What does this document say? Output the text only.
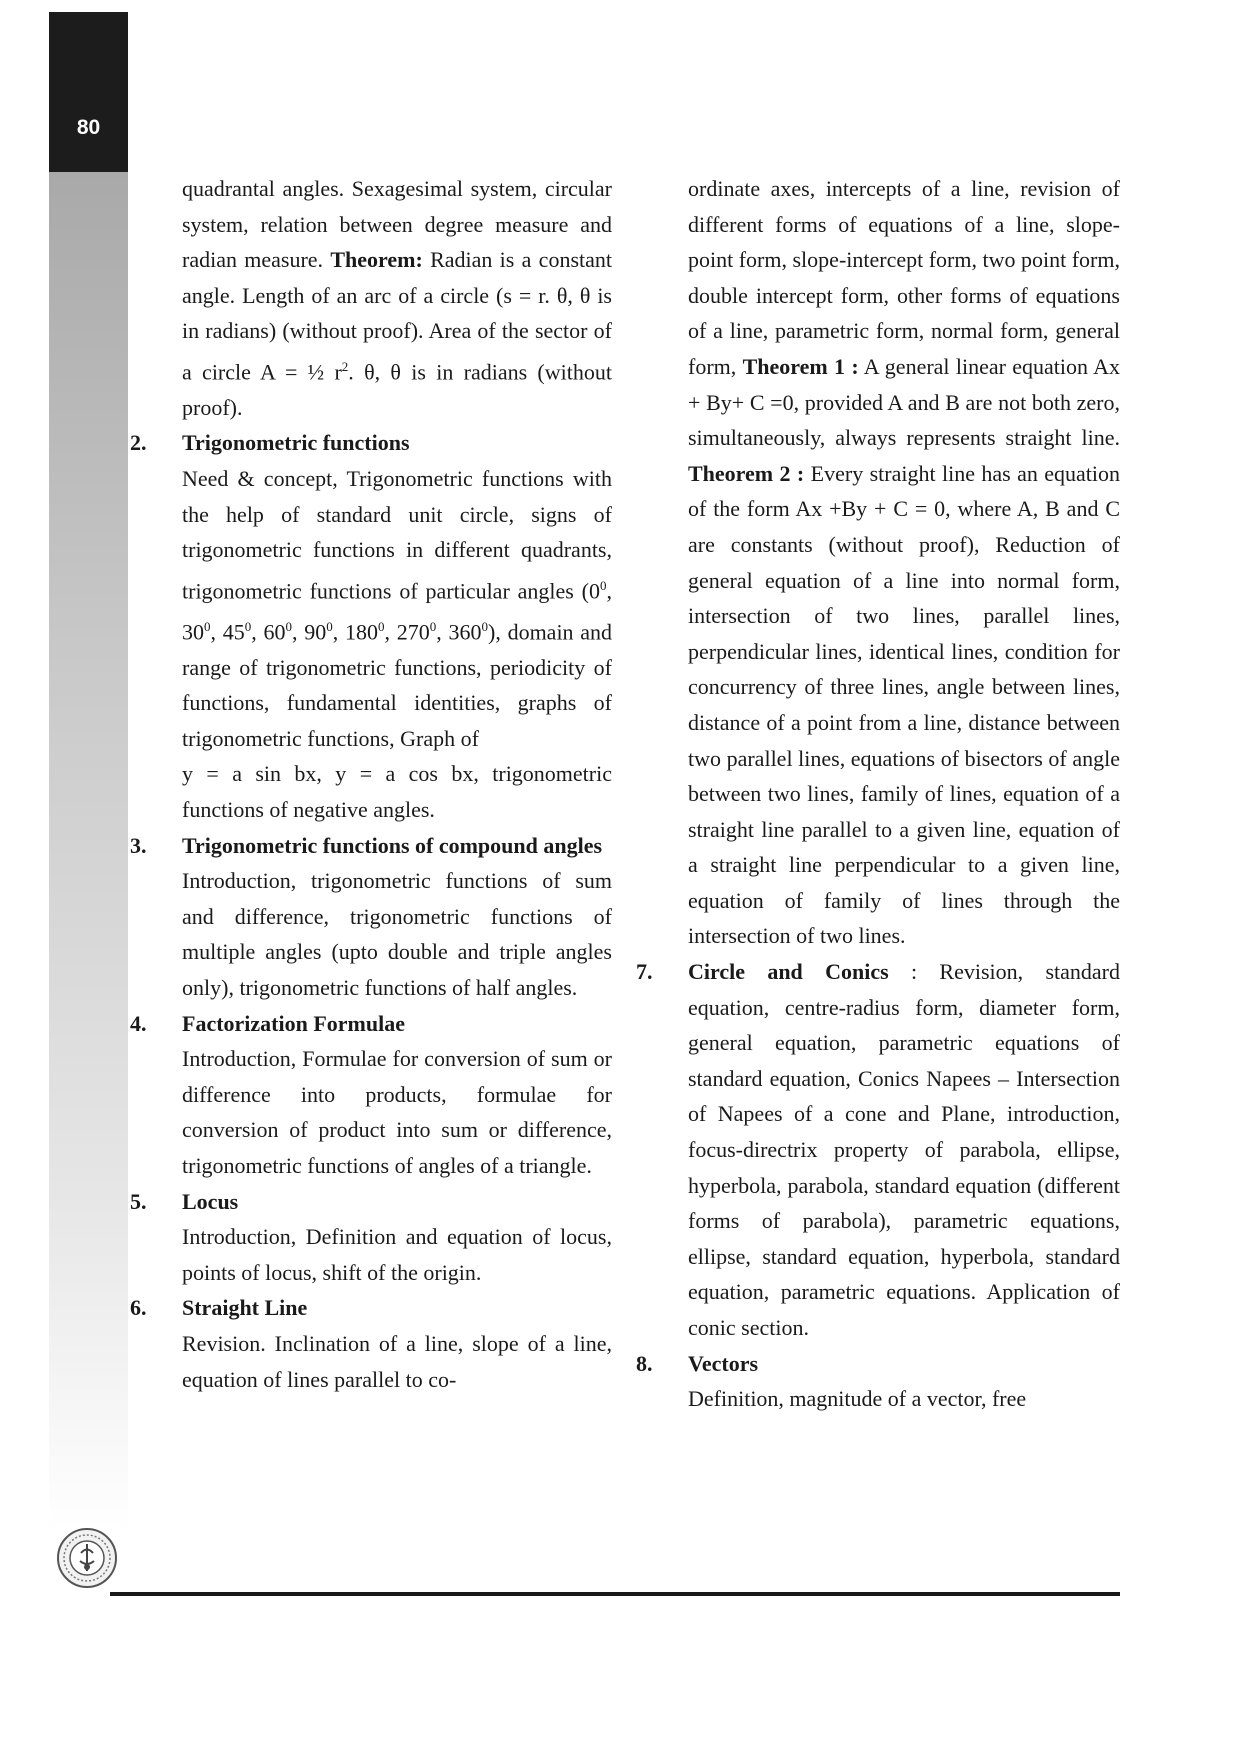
80
quadrantal angles. Sexagesimal system, circular system, relation between degree measure and radian measure. Theorem: Radian is a constant angle. Length of an arc of a circle (s = r. θ, θ is in radians) (without proof). Area of the sector of a circle A = ½ $r^2$. θ, θ is in radians (without proof).
2.	Trigonometric functions
Need & concept, Trigonometric functions with the help of standard unit circle, signs of trigonometric functions in different quadrants, trigonometric functions of particular angles ($0^0$, $30^0$, $45^0$, $60^0$, $90^0$, $180^0$, $270^0$, $360^0$), domain and range of trigonometric functions, periodicity of functions, fundamental identities, graphs of trigonometric functions, Graph of
y = a sin bx, y = a cos bx, trigonometric functions of negative angles.
3.	Trigonometric functions of compound angles
Introduction, trigonometric functions of sum and difference, trigonometric functions of multiple angles (upto double and triple angles only), trigonometric functions of half angles.
4.	Factorization Formulae
Introduction, Formulae for conversion of sum or difference into products, formulae for conversion of product into sum or difference, trigonometric functions of angles of a triangle.
5.	Locus
Introduction, Definition and equation of locus, points of locus, shift of the origin.
6.	Straight Line
Revision. Inclination of a line, slope of a line, equation of lines parallel to co-
ordinate axes, intercepts of a line, revision of different forms of equations of a line, slope-point form, slope-intercept form, two point form, double intercept form, other forms of equations of a line, parametric form, normal form, general form, Theorem 1 : A general linear equation Ax + By+ C =0, provided A and B are not both zero, simultaneously, always represents straight line. Theorem 2 : Every straight line has an equation of the form Ax +By + C = 0, where A, B and C are constants (without proof), Reduction of general equation of a line into normal form, intersection of two lines, parallel lines, perpendicular lines, identical lines, condition for concurrency of three lines, angle between lines, distance of a point from a line, distance between two parallel lines, equations of bisectors of angle between two lines, family of lines, equation of a straight line parallel to a given line, equation of a straight line perpendicular to a given line, equation of family of lines through the intersection of two lines.
7.	Circle and Conics : Revision, standard equation, centre-radius form, diameter form, general equation, parametric equations of standard equation, Conics Napees – Intersection of Napees of a cone and Plane, introduction, focus-directrix property of parabola, ellipse, hyperbola, parabola, standard equation (different forms of parabola), parametric equations, ellipse, standard equation, hyperbola, standard equation, parametric equations. Application of conic section.
8.	Vectors
Definition, magnitude of a vector, free
